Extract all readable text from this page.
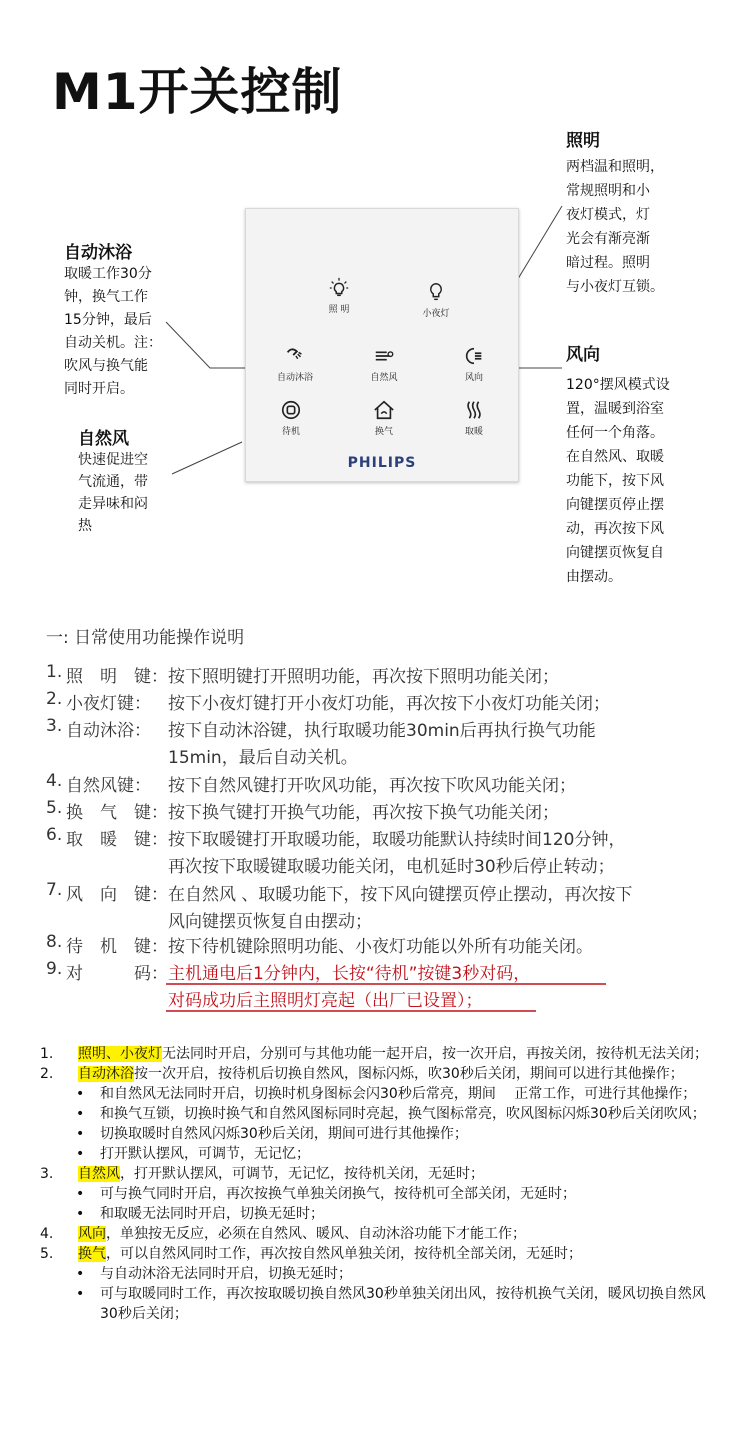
M1开关控制
照明
两档温和照明，
常规照明和小
夜灯模式，灯
光会有渐亮渐
暗过程。照明
与小夜灯互锁。
自动沐浴
取暖工作30分
钟，换气工作
15分钟，最后
自动关机。注：
吹风与换气能
同时开启。
风向
120°摆风模式设
置，温暖到浴室
任何一个角落。
在自然风、取暖
功能下，按下风
向键摆页停止摆
动，再次按下风
向键摆页恢复自
由摆动。
自然风
快速促进空
气流通，带
走异味和闷
热
照 明	小夜灯
自动沐浴	自然风	风向
待机	换气	取暖
PHILIPS
一: 日常使用功能操作说明
1. 照　明　键： 按下照明键打开照明功能，再次按下照明功能关闭；
2. 小夜灯键： 按下小夜灯键打开小夜灯功能，再次按下小夜灯功能关闭；
3. 自动沐浴： 按下自动沐浴键，执行取暖功能30min后再执行换气功能
15min，最后自动关机。
4. 自然风键： 按下自然风键打开吹风功能，再次按下吹风功能关闭；
5. 换　气　键： 按下换气键打开换气功能，再次按下换气功能关闭；
6. 取　暖　键： 按下取暖键打开取暖功能，取暖功能默认持续时间120分钟，
再次按下取暖键取暖功能关闭，电机延时30秒后停止转动；
7. 风　向　键： 在自然风 、取暖功能下，按下风向键摆页停止摆动，再次按下
风向键摆页恢复自由摆动；
8. 待　机　键： 按下待机键除照明功能、小夜灯功能以外所有功能关闭。
9. 对　　　码： 主机通电后1分钟内，长按“待机”按键3秒对码，
对码成功后主照明灯亮起（出厂已设置）；
1. 照明、小夜灯无法同时开启，分别可与其他功能一起开启，按一次开启，再按关闭，按待机无法关闭；
2. 自动沐浴按一次开启，按待机后切换自然风，图标闪烁，吹30秒后关闭，期间可以进行其他操作；
• 和自然风无法同时开启，切换时机身图标会闪30秒后常亮，期间　 正常工作，可进行其他操作；
• 和换气互锁，切换时换气和自然风图标同时亮起，换气图标常亮，吹风图标闪烁30秒后关闭吹风；
• 切换取暖时自然风闪烁30秒后关闭，期间可进行其他操作；
• 打开默认摆风，可调节，无记忆；
3. 自然风，打开默认摆风，可调节，无记忆，按待机关闭，无延时；
• 可与换气同时开启，再次按换气单独关闭换气，按待机可全部关闭，无延时；
• 和取暖无法同时开启，切换无延时；
4. 风向，单独按无反应，必须在自然风、暖风、自动沐浴功能下才能工作；
5. 换气，可以自然风同时工作，再次按自然风单独关闭，按待机全部关闭，无延时；
• 与自动沐浴无法同时开启，切换无延时；
• 可与取暖同时工作，再次按取暖切换自然风30秒单独关闭出风，按待机换气关闭，暖风切换自然风30秒后关闭；
